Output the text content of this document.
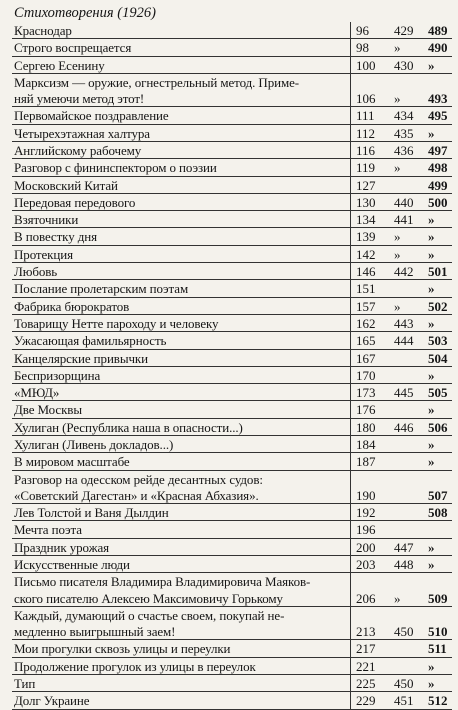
Стихотворения (1926)
Краснодар	96 429 489
Строго воспрещается	98 » 490
Сергею Есенину	100 430 »
Марксизм — оружие, огнестрельный метод. Приме-
няй умеючи метод этот!	106 » 493
Первомайское поздравление	111 434 495
Четырехэтажная халтура	112 435 »
Английскому рабочему	116 436 497
Разговор с фининспектором о поэзии	119 » 498
Московский Китай	127	499
Передовая передового	130 440 500
Взяточники	134 441 »
В повестку дня	139 » »
Протекция	142 » »
Любовь	146 442 501
Послание пролетарским поэтам	151	»
Фабрика бюрократов	157 » 502
Товарищу Нетте пароходу и человеку	162 443 »
Ужасающая фамильярность	165 444 503
Канцелярские привычки	167	504
Беспризорщина	170	»
«МЮД»	173 445 505
Две Москвы	176	»
Хулиган (Республика наша в опасности...)	180 446 506
Хулиган (Ливень докладов...)	184	»
В мировом масштабе	187	»
Разговор на одесском рейде десантных судов:
«Советский Дагестан» и «Красная Абхазия».	190	507
Лев Толстой и Ваня Дылдин	192	508
Мечта поэта	196
Праздник урожая	200 447 »
Искусственные люди	203 448 »
Письмо писателя Владимира Владимировича Маяков-
ского писателю Алексею Максимовичу Горькому	206 » 509
Каждый, думающий о счастье своем, покупай не-
медленно выигрышный заем!	213 450 510
Мои прогулки сквозь улицы и переулки	217	511
Продолжение прогулок из улицы в переулок	221	»
Тип	225 450 »
Долг Украине	229 451 512
